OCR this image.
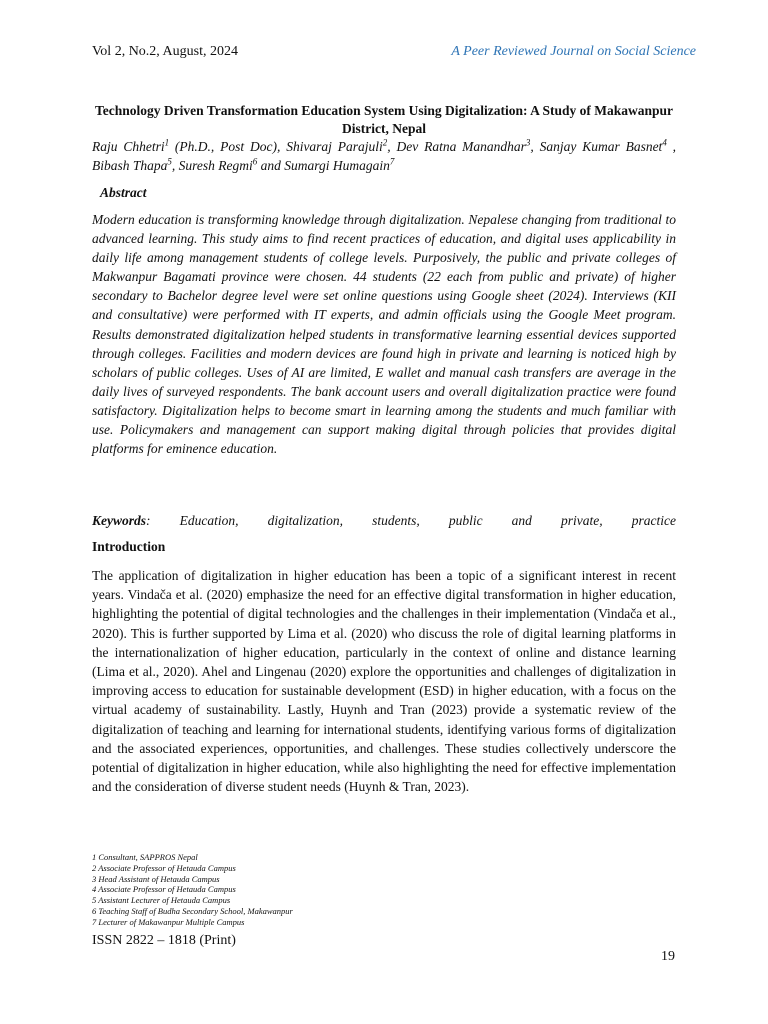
Vol 2, No.2, August, 2024	A Peer Reviewed Journal on Social Science
Technology Driven Transformation Education System Using Digitalization: A Study of Makawanpur District, Nepal
Raju Chhetri$^1$ (Ph.D., Post Doc), Shivaraj Parajuli$^2$, Dev Ratna Manandhar$^3$, Sanjay Kumar Basnet$^4$ , Bibash Thapa$^5$, Suresh Regmi$^6$ and Sumargi Humagain$^7$
Abstract
Modern education is transforming knowledge through digitalization. Nepalese changing from traditional to advanced learning. This study aims to find recent practices of education, and digital uses applicability in daily life among management students of college levels. Purposively, the public and private colleges of Makwanpur Bagamati province were chosen. 44 students (22 each from public and private) of higher secondary to Bachelor degree level were set online questions using Google sheet (2024). Interviews (KII and consultative) were performed with IT experts, and admin officials using the Google Meet program. Results demonstrated digitalization helped students in transformative learning essential devices supported through colleges. Facilities and modern devices are found high in private and learning is noticed high by scholars of public colleges. Uses of AI are limited, E wallet and manual cash transfers are average in the daily lives of surveyed respondents. The bank account users and overall digitalization practice were found satisfactory. Digitalization helps to become smart in learning among the students and much familiar with use. Policymakers and management can support making digital through policies that provides digital platforms for eminence education.
Keywords: Education, digitalization, students, public and private, practice
Introduction
The application of digitalization in higher education has been a topic of a significant interest in recent years. Vindača et al. (2020) emphasize the need for an effective digital transformation in higher education, highlighting the potential of digital technologies and the challenges in their implementation (Vindača et al., 2020). This is further supported by Lima et al. (2020) who discuss the role of digital learning platforms in the internationalization of higher education, particularly in the context of online and distance learning (Lima et al., 2020). Ahel and Lingenau (2020) explore the opportunities and challenges of digitalization in improving access to education for sustainable development (ESD) in higher education, with a focus on the virtual academy of sustainability. Lastly, Huynh and Tran (2023) provide a systematic review of the digitalization of teaching and learning for international students, identifying various forms of digitalization and the associated experiences, opportunities, and challenges. These studies collectively underscore the potential of digitalization in higher education, while also highlighting the need for effective implementation and the consideration of diverse student needs (Huynh & Tran, 2023).
1 Consultant, SAPPROS Nepal
2 Associate Professor of Hetauda Campus
3 Head Assistant of Hetauda Campus
4 Associate Professor of Hetauda Campus
5 Assistant Lecturer of Hetauda Campus
6 Teaching Staff of Budha Secondary School, Makawanpur
7 Lecturer of Makawanpur Multiple Campus
ISSN 2822 – 1818 (Print)
19
